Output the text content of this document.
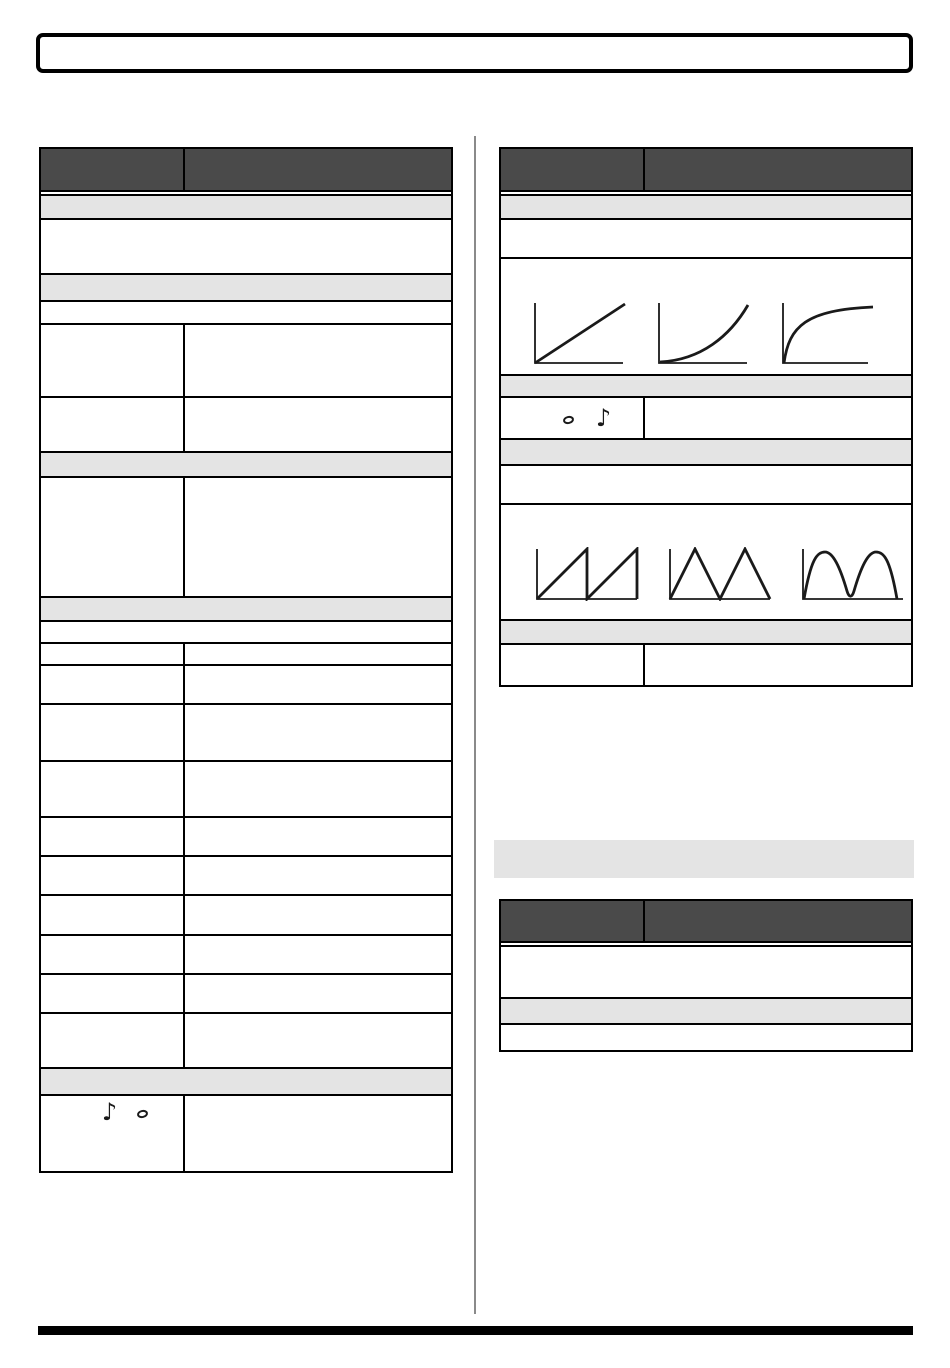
♪
♪
